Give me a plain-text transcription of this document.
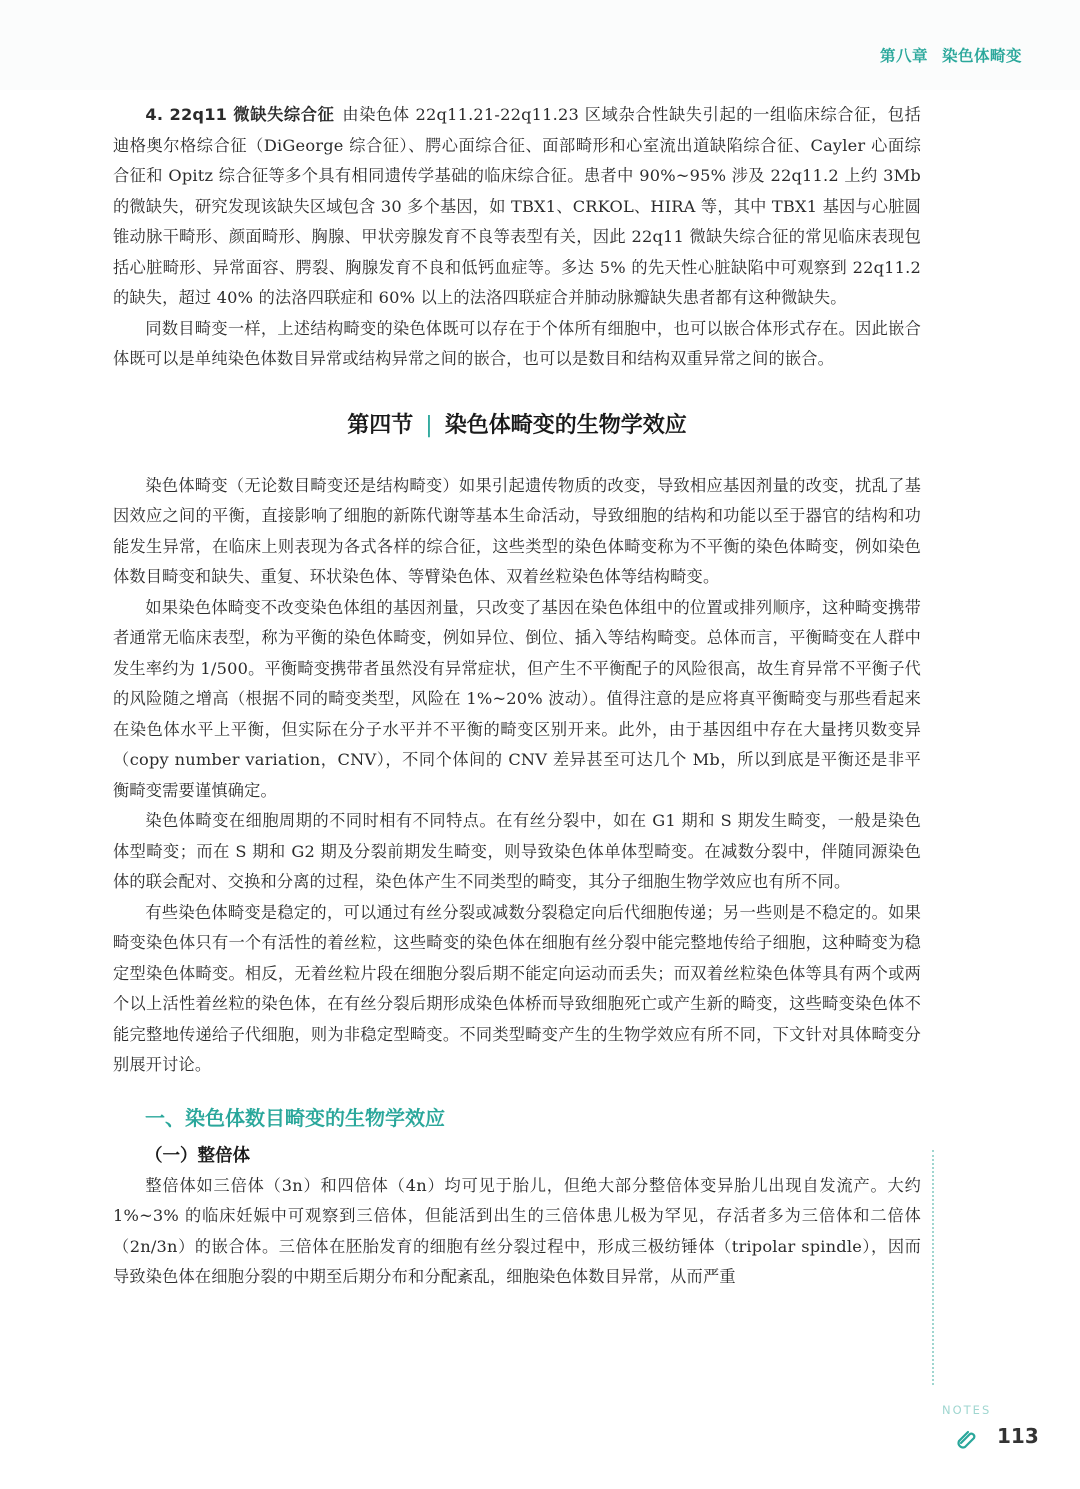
第八章 染色体畸变

4. 22q11 微缺失综合征 由染色体 22q11.21-22q11.23 区域杂合性缺失引起的一组临床综合征，包括迪格奥尔格综合征（DiGeorge 综合征）、腭心面综合征、面部畸形和心室流出道缺陷综合征、Cayler 心面综合征和 Opitz 综合征等多个具有相同遗传学基础的临床综合征。患者中 90%~95% 涉及 22q11.2 上约 3Mb 的微缺失，研究发现该缺失区域包含 30 多个基因，如 TBX1、CRKOL、HIRA 等，其中 TBX1 基因与心脏圆锥动脉干畸形、颜面畸形、胸腺、甲状旁腺发育不良等表型有关，因此 22q11 微缺失综合征的常见临床表现包括心脏畸形、异常面容、腭裂、胸腺发育不良和低钙血症等。多达 5% 的先天性心脏缺陷中可观察到 22q11.2 的缺失，超过 40% 的法洛四联症和 60% 以上的法洛四联症合并肺动脉瓣缺失患者都有这种微缺失。

同数目畸变一样，上述结构畸变的染色体既可以存在于个体所有细胞中，也可以嵌合体形式存在。因此嵌合体既可以是单纯染色体数目异常或结构异常之间的嵌合，也可以是数目和结构双重异常之间的嵌合。

第四节 | 染色体畸变的生物学效应

染色体畸变（无论数目畸变还是结构畸变）如果引起遗传物质的改变，导致相应基因剂量的改变，扰乱了基因效应之间的平衡，直接影响了细胞的新陈代谢等基本生命活动，导致细胞的结构和功能以至于器官的结构和功能发生异常，在临床上则表现为各式各样的综合征，这些类型的染色体畸变称为不平衡的染色体畸变，例如染色体数目畸变和缺失、重复、环状染色体、等臂染色体、双着丝粒染色体等结构畸变。

如果染色体畸变不改变染色体组的基因剂量，只改变了基因在染色体组中的位置或排列顺序，这种畸变携带者通常无临床表型，称为平衡的染色体畸变，例如异位、倒位、插入等结构畸变。总体而言，平衡畸变在人群中发生率约为 1/500。平衡畸变携带者虽然没有异常症状，但产生不平衡配子的风险很高，故生育异常不平衡子代的风险随之增高（根据不同的畸变类型，风险在 1%~20% 波动）。值得注意的是应将真平衡畸变与那些看起来在染色体水平上平衡，但实际在分子水平并不平衡的畸变区别开来。此外，由于基因组中存在大量拷贝数变异（copy number variation，CNV），不同个体间的 CNV 差异甚至可达几个 Mb，所以到底是平衡还是非平衡畸变需要谨慎确定。

染色体畸变在细胞周期的不同时相有不同特点。在有丝分裂中，如在 G1 期和 S 期发生畸变，一般是染色体型畸变；而在 S 期和 G2 期及分裂前期发生畸变，则导致染色体单体型畸变。在减数分裂中，伴随同源染色体的联会配对、交换和分离的过程，染色体产生不同类型的畸变，其分子细胞生物学效应也有所不同。

有些染色体畸变是稳定的，可以通过有丝分裂或减数分裂稳定向后代细胞传递；另一些则是不稳定的。如果畸变染色体只有一个有活性的着丝粒，这些畸变的染色体在细胞有丝分裂中能完整地传给子细胞，这种畸变为稳定型染色体畸变。相反，无着丝粒片段在细胞分裂后期不能定向运动而丢失；而双着丝粒染色体等具有两个或两个以上活性着丝粒的染色体，在有丝分裂后期形成染色体桥而导致细胞死亡或产生新的畸变，这些畸变染色体不能完整地传递给子代细胞，则为非稳定型畸变。不同类型畸变产生的生物学效应有所不同，下文针对具体畸变分别展开讨论。

一、染色体数目畸变的生物学效应
（一）整倍体

整倍体如三倍体（3n）和四倍体（4n）均可见于胎儿，但绝大部分整倍体变异胎儿出现自发流产。大约 1%~3% 的临床妊娠中可观察到三倍体，但能活到出生的三倍体患儿极为罕见，存活者多为三倍体和二倍体（2n/3n）的嵌合体。三倍体在胚胎发育的细胞有丝分裂过程中，形成三极纺锤体（tripolar spindle），因而导致染色体在细胞分裂的中期至后期分布和分配紊乱，细胞染色体数目异常，从而严重

NOTES
113
